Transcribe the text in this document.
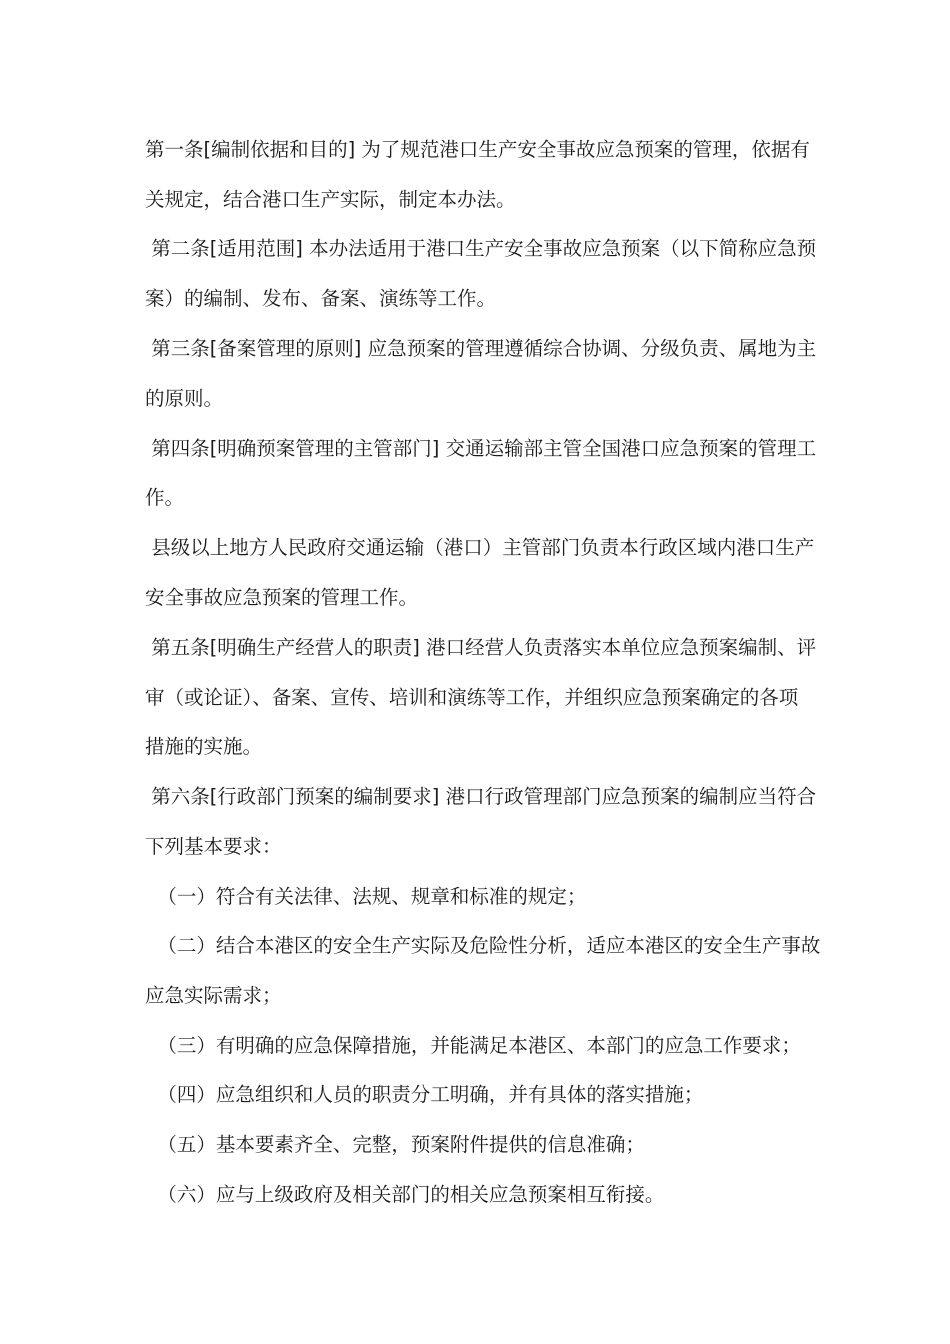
第一条[编制依据和目的] 为了规范港口生产安全事故应急预案的管理，依据有
关规定，结合港口生产实际，制定本办法。
第二条[适用范围] 本办法适用于港口生产安全事故应急预案（以下简称应急预
案）的编制、发布、备案、演练等工作。
第三条[备案管理的原则] 应急预案的管理遵循综合协调、分级负责、属地为主
的原则。
第四条[明确预案管理的主管部门] 交通运输部主管全国港口应急预案的管理工
作。
县级以上地方人民政府交通运输（港口）主管部门负责本行政区域内港口生产
安全事故应急预案的管理工作。
第五条[明确生产经营人的职责] 港口经营人负责落实本单位应急预案编制、评
审（或论证）、备案、宣传、培训和演练等工作，并组织应急预案确定的各项
措施的实施。
第六条[行政部门预案的编制要求] 港口行政管理部门应急预案的编制应当符合
下列基本要求：
（一）符合有关法律、法规、规章和标准的规定；
（二）结合本港区的安全生产实际及危险性分析，适应本港区的安全生产事故
应急实际需求；
（三）有明确的应急保障措施，并能满足本港区、本部门的应急工作要求；
（四）应急组织和人员的职责分工明确，并有具体的落实措施；
（五）基本要素齐全、完整，预案附件提供的信息准确；
（六）应与上级政府及相关部门的相关应急预案相互衔接。
